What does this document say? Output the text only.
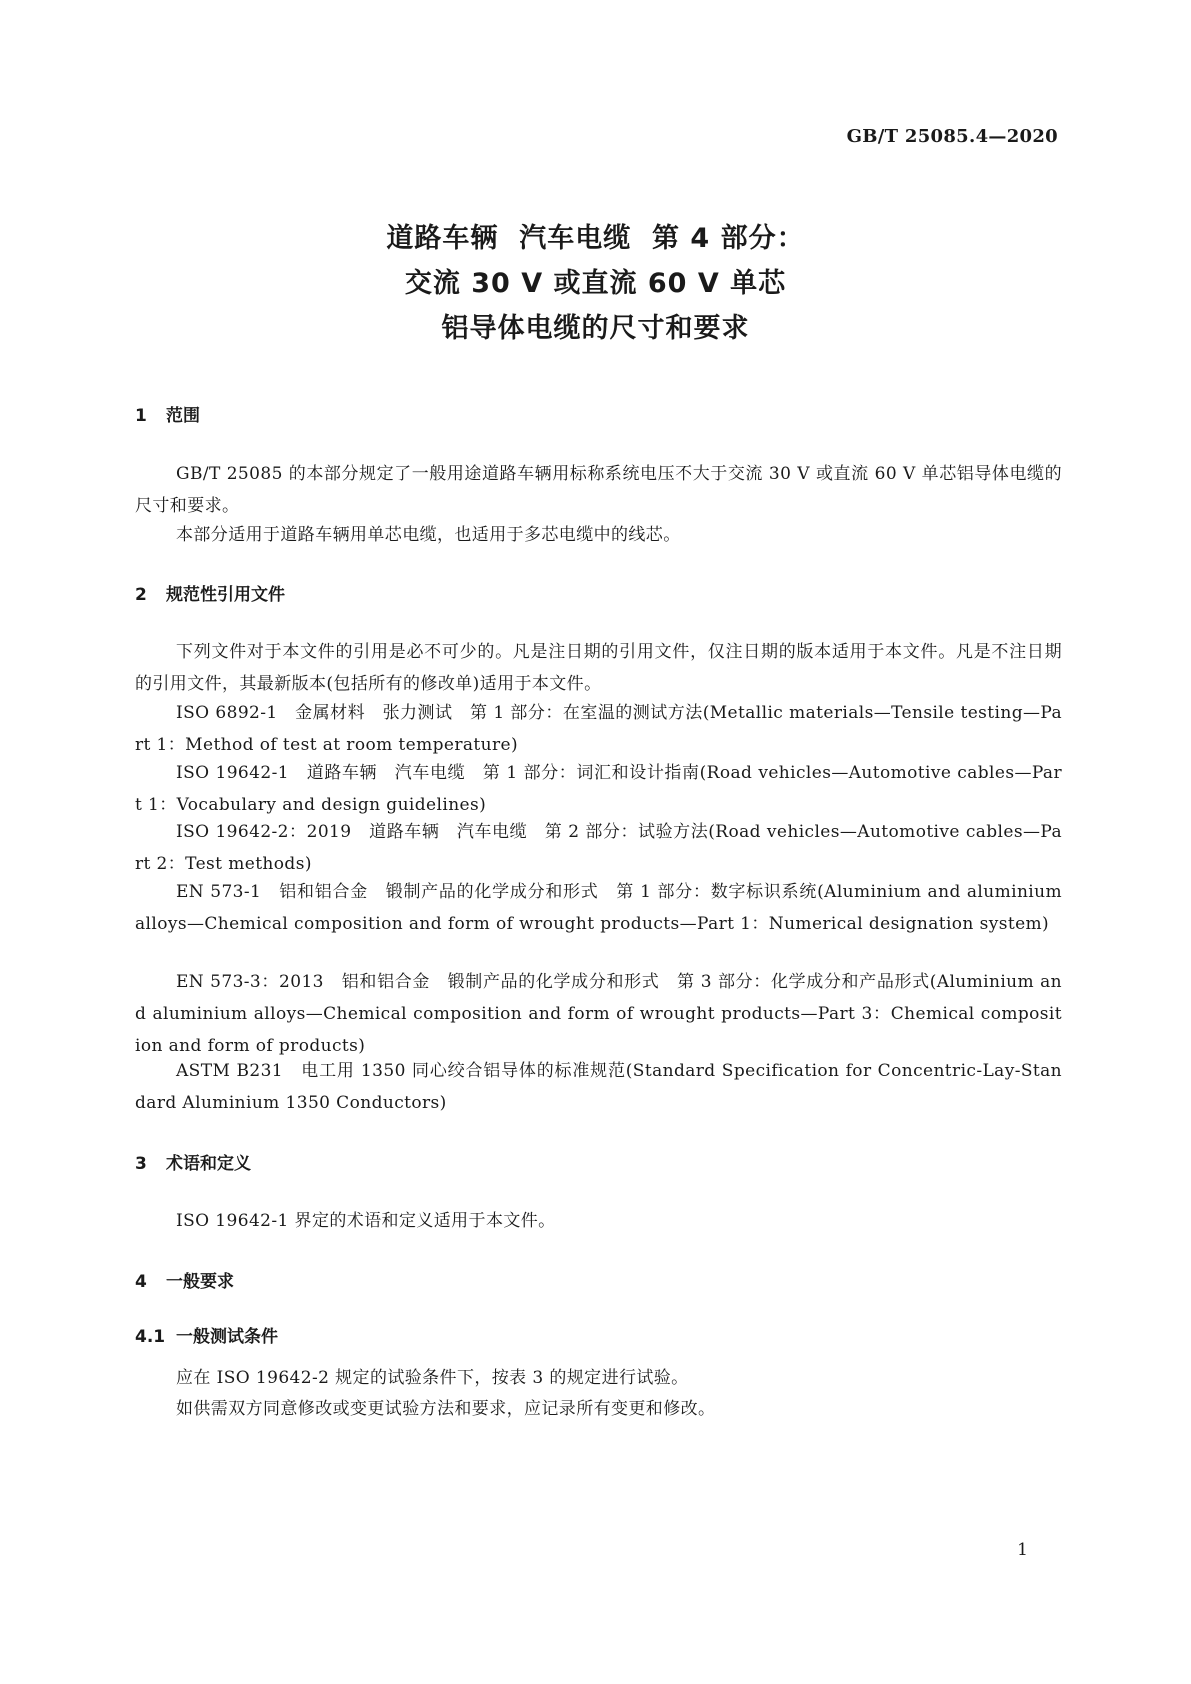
GB/T 25085.4—2020
道路车辆  汽车电缆  第 4 部分：
交流 30 V 或直流 60 V 单芯
铝导体电缆的尺寸和要求
1 范围
GB/T 25085 的本部分规定了一般用途道路车辆用标称系统电压不大于交流 30 V 或直流 60 V 单芯铝导体电缆的尺寸和要求。
本部分适用于道路车辆用单芯电缆，也适用于多芯电缆中的线芯。
2 规范性引用文件
下列文件对于本文件的引用是必不可少的。凡是注日期的引用文件，仅注日期的版本适用于本文件。凡是不注日期的引用文件，其最新版本(包括所有的修改单)适用于本文件。
ISO 6892-1　金属材料　张力测试　第 1 部分：在室温的测试方法(Metallic materials—Tensile testing—Part 1：Method of test at room temperature)
ISO 19642-1　道路车辆　汽车电缆　第 1 部分：词汇和设计指南(Road vehicles—Automotive cables—Part 1：Vocabulary and design guidelines)
ISO 19642-2：2019　道路车辆　汽车电缆　第 2 部分：试验方法(Road vehicles—Automotive cables—Part 2：Test methods)
EN 573-1　铝和铝合金　锻制产品的化学成分和形式　第 1 部分：数字标识系统(Aluminium and aluminium alloys—Chemical composition and form of wrought products—Part 1：Numerical designation system)
EN 573-3：2013　铝和铝合金　锻制产品的化学成分和形式　第 3 部分：化学成分和产品形式(Aluminium and aluminium alloys—Chemical composition and form of wrought products—Part 3：Chemical composition and form of products)
ASTM B231　电工用 1350 同心绞合铝导体的标准规范(Standard Specification for Concentric-Lay-Standard Aluminium 1350 Conductors)
3 术语和定义
ISO 19642-1 界定的术语和定义适用于本文件。
4 一般要求
4.1 一般测试条件
应在 ISO 19642-2 规定的试验条件下，按表 3 的规定进行试验。
如供需双方同意修改或变更试验方法和要求，应记录所有变更和修改。
1
